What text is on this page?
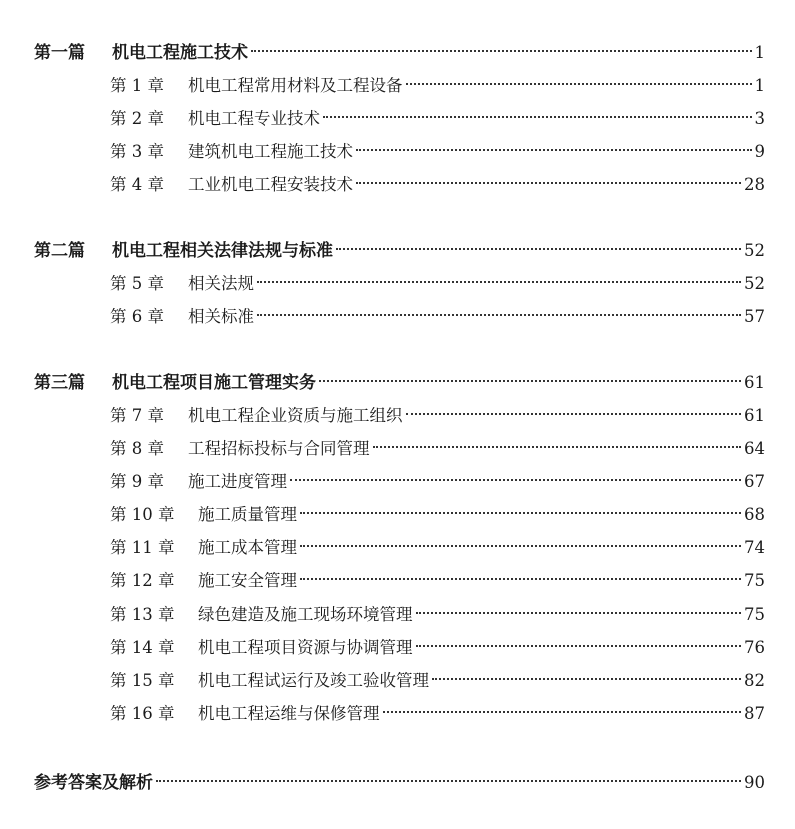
第一篇	机电工程施工技术	1
第 1 章	机电工程常用材料及工程设备	1
第 2 章	机电工程专业技术	3
第 3 章	建筑机电工程施工技术	9
第 4 章	工业机电工程安装技术	28
第二篇	机电工程相关法律法规与标准	52
第 5 章	相关法规	52
第 6 章	相关标准	57
第三篇	机电工程项目施工管理实务	61
第 7 章	机电工程企业资质与施工组织	61
第 8 章	工程招标投标与合同管理	64
第 9 章	施工进度管理	67
第 10 章	施工质量管理	68
第 11 章	施工成本管理	74
第 12 章	施工安全管理	75
第 13 章	绿色建造及施工现场环境管理	75
第 14 章	机电工程项目资源与协调管理	76
第 15 章	机电工程试运行及竣工验收管理	82
第 16 章	机电工程运维与保修管理	87
参考答案及解析	90
